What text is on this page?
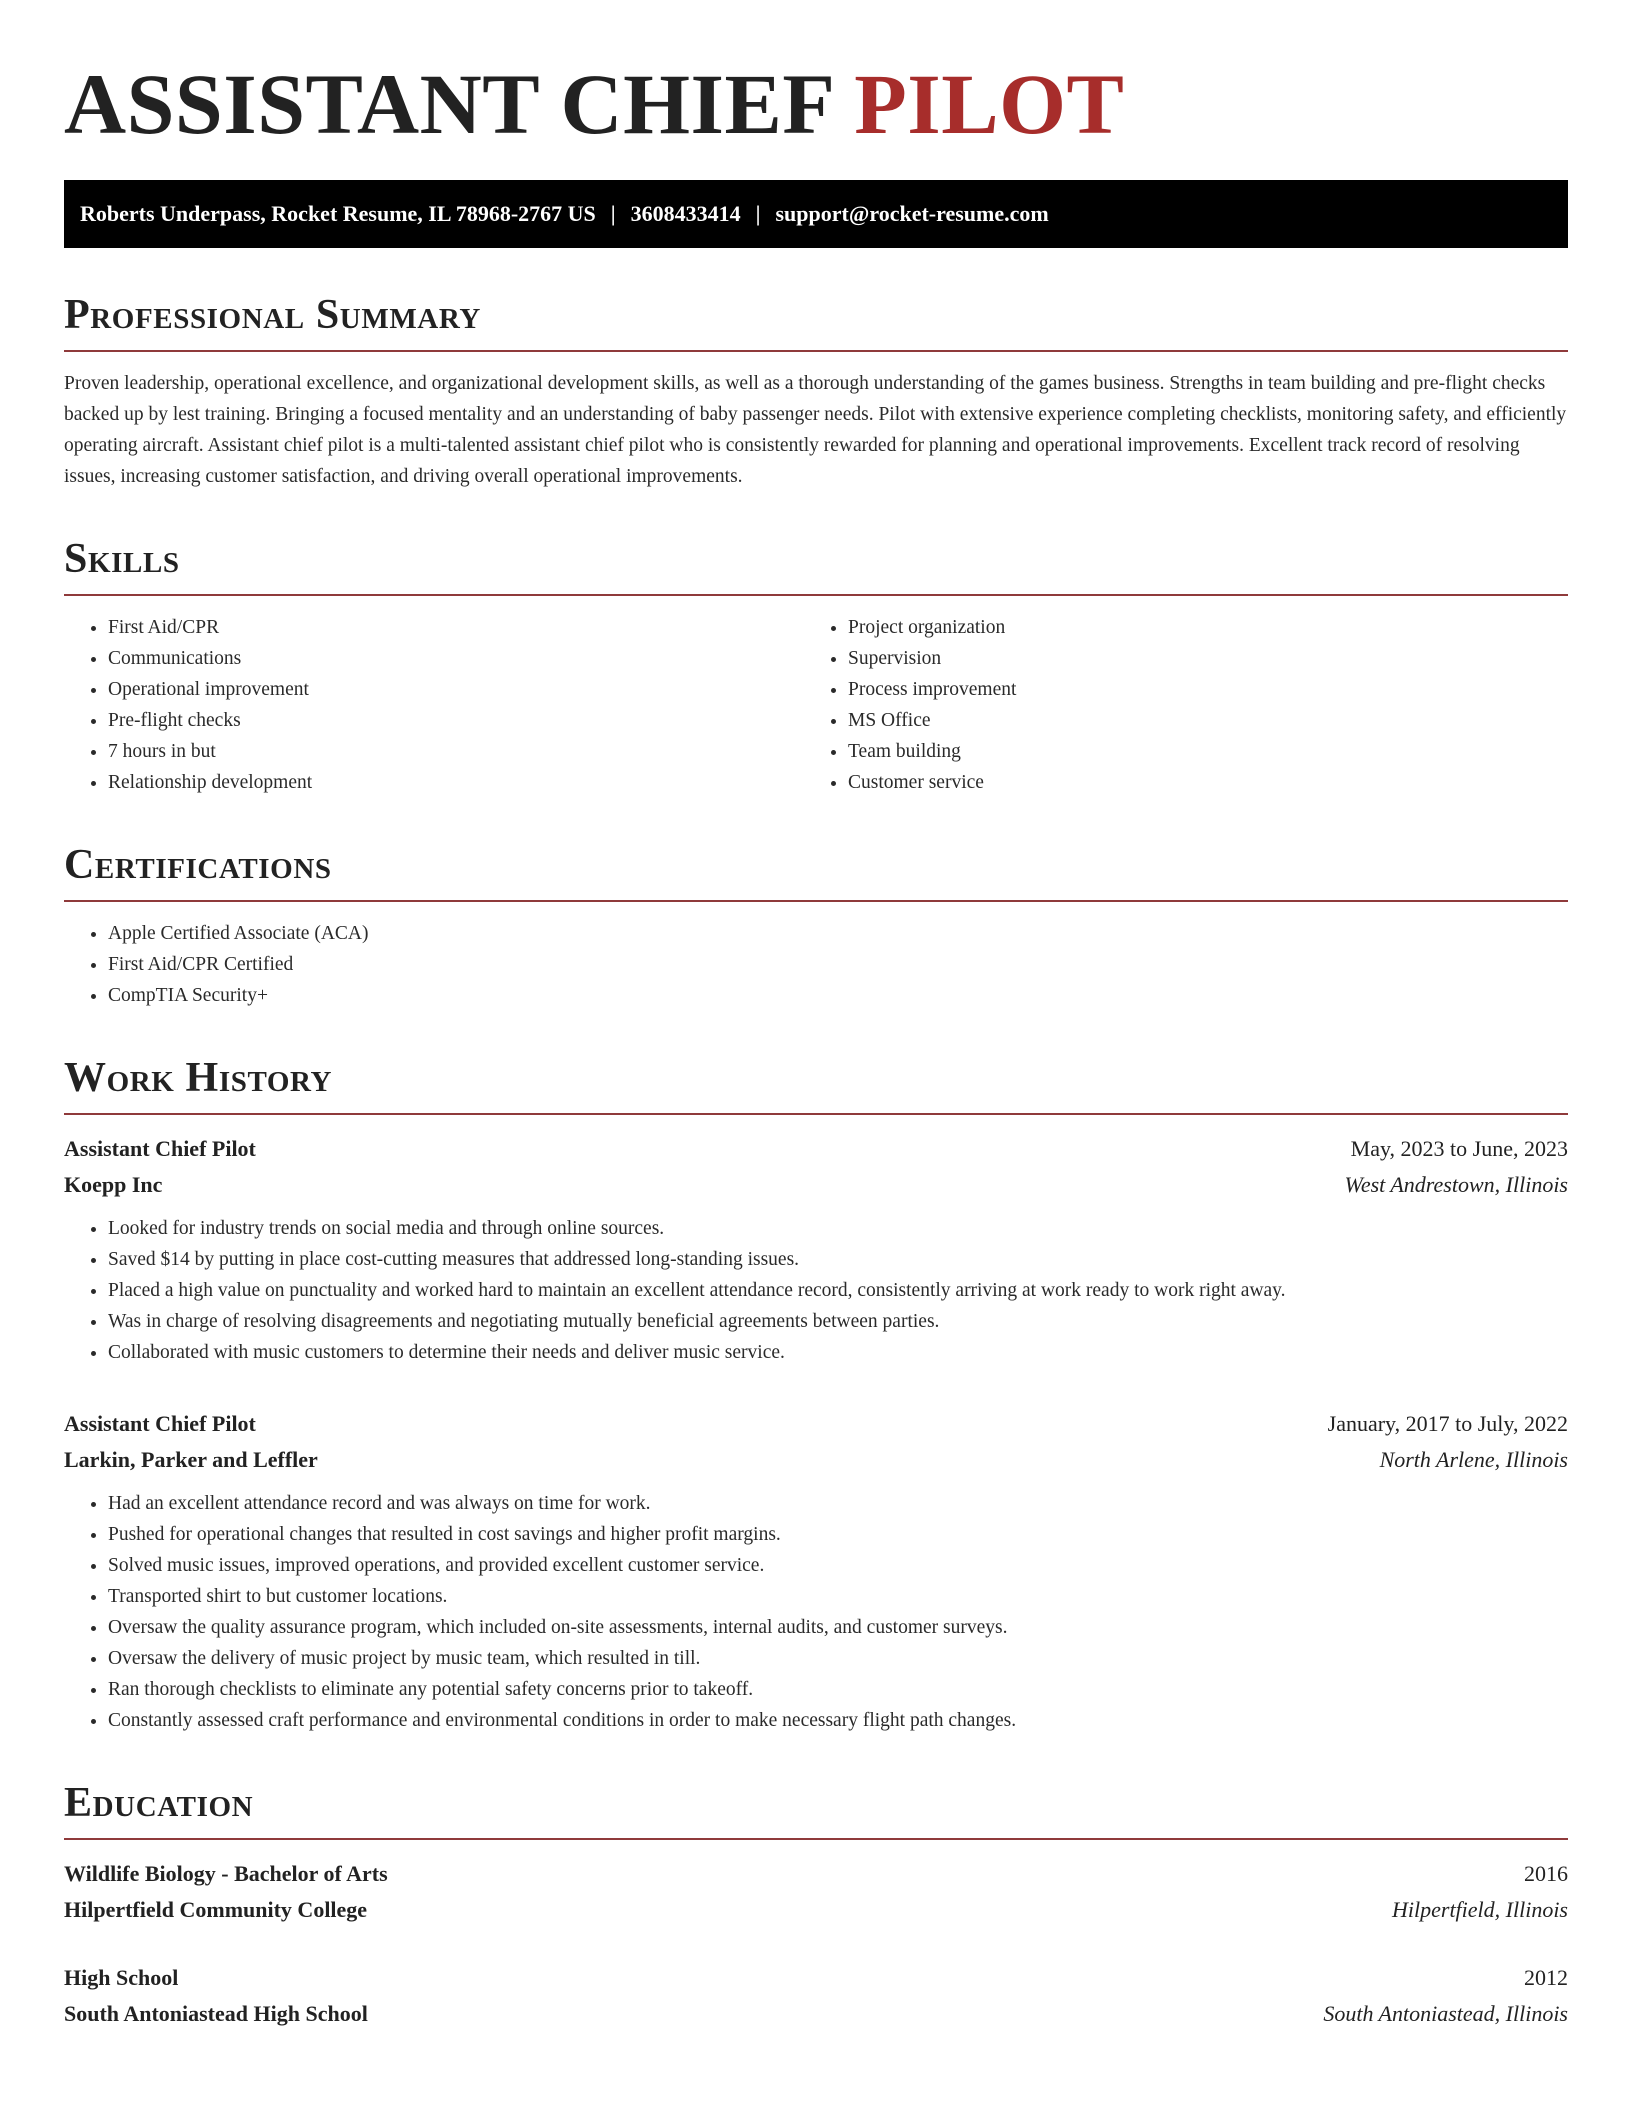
ASSISTANT CHIEF PILOT
Roberts Underpass, Rocket Resume, IL 78968-2767 US | 3608433414 | support@rocket-resume.com
Professional Summary

Proven leadership, operational excellence, and organizational development skills, as well as a thorough understanding of the games business. Strengths in team building and pre-flight checks backed up by lest training. Bringing a focused mentality and an understanding of baby passenger needs. Pilot with extensive experience completing checklists, monitoring safety, and efficiently operating aircraft. Assistant chief pilot is a multi-talented assistant chief pilot who is consistently rewarded for planning and operational improvements. Excellent track record of resolving issues, increasing customer satisfaction, and driving overall operational improvements.

Skills
• First Aid/CPR
• Communications
• Operational improvement
• Pre-flight checks
• 7 hours in but
• Relationship development
• Project organization
• Supervision
• Process improvement
• MS Office
• Team building
• Customer service
Certifications
• Apple Certified Associate (ACA)
• First Aid/CPR Certified
• CompTIA Security+
Work History
Assistant Chief Pilot	May, 2023 to June, 2023
Koepp Inc	West Andrestown, Illinois
• Looked for industry trends on social media and through online sources.
• Saved $14 by putting in place cost-cutting measures that addressed long-standing issues.
• Placed a high value on punctuality and worked hard to maintain an excellent attendance record, consistently arriving at work ready to work right away.
• Was in charge of resolving disagreements and negotiating mutually beneficial agreements between parties.
• Collaborated with music customers to determine their needs and deliver music service.
Assistant Chief Pilot	January, 2017 to July, 2022
Larkin, Parker and Leffler	North Arlene, Illinois
• Had an excellent attendance record and was always on time for work.
• Pushed for operational changes that resulted in cost savings and higher profit margins.
• Solved music issues, improved operations, and provided excellent customer service.
• Transported shirt to but customer locations.
• Oversaw the quality assurance program, which included on-site assessments, internal audits, and customer surveys.
• Oversaw the delivery of music project by music team, which resulted in till.
• Ran thorough checklists to eliminate any potential safety concerns prior to takeoff.
• Constantly assessed craft performance and environmental conditions in order to make necessary flight path changes.
Education
Wildlife Biology - Bachelor of Arts	2016
Hilpertfield Community College	Hilpertfield, Illinois
High School	2012
South Antoniastead High School	South Antoniastead, Illinois
